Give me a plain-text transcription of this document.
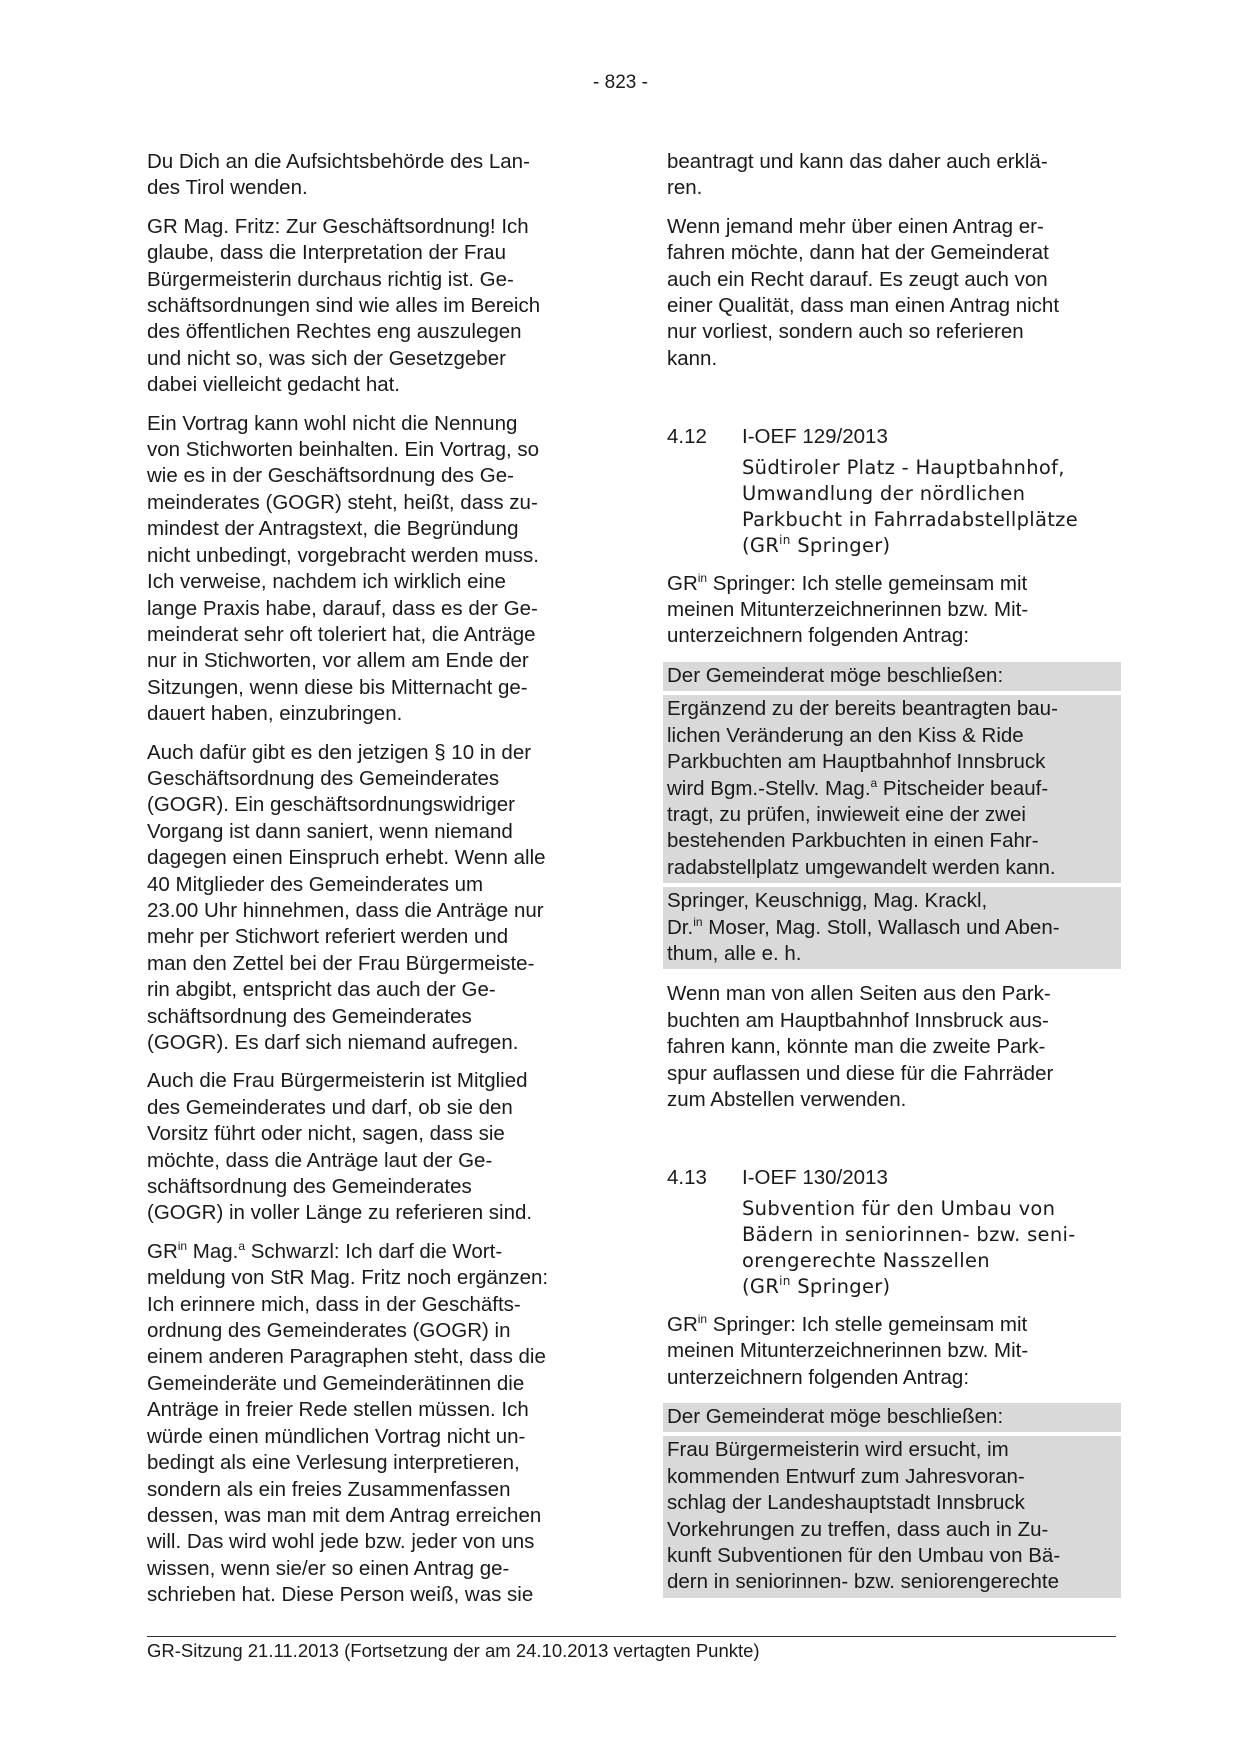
- 823 -

Du Dich an die Aufsichtsbehörde des Lan-
des Tirol wenden.

GR Mag. Fritz: Zur Geschäftsordnung! Ich
glaube, dass die Interpretation der Frau
Bürgermeisterin durchaus richtig ist. Ge-
schäftsordnungen sind wie alles im Bereich
des öffentlichen Rechtes eng auszulegen
und nicht so, was sich der Gesetzgeber
dabei vielleicht gedacht hat.

Ein Vortrag kann wohl nicht die Nennung
von Stichworten beinhalten. Ein Vortrag, so
wie es in der Geschäftsordnung des Ge-
meinderates (GOGR) steht, heißt, dass zu-
mindest der Antragstext, die Begründung
nicht unbedingt, vorgebracht werden muss.
Ich verweise, nachdem ich wirklich eine
lange Praxis habe, darauf, dass es der Ge-
meinderat sehr oft toleriert hat, die Anträge
nur in Stichworten, vor allem am Ende der
Sitzungen, wenn diese bis Mitternacht ge-
dauert haben, einzubringen.

Auch dafür gibt es den jetzigen § 10 in der
Geschäftsordnung des Gemeinderates
(GOGR). Ein geschäftsordnungswidriger
Vorgang ist dann saniert, wenn niemand
dagegen einen Einspruch erhebt. Wenn alle
40 Mitglieder des Gemeinderates um
23.00 Uhr hinnehmen, dass die Anträge nur
mehr per Stichwort referiert werden und
man den Zettel bei der Frau Bürgermeiste-
rin abgibt, entspricht das auch der Ge-
schäftsordnung des Gemeinderates
(GOGR). Es darf sich niemand aufregen.

Auch die Frau Bürgermeisterin ist Mitglied
des Gemeinderates und darf, ob sie den
Vorsitz führt oder nicht, sagen, dass sie
möchte, dass die Anträge laut der Ge-
schäftsordnung des Gemeinderates
(GOGR) in voller Länge zu referieren sind.

$GR^{in}$ Mag.$^a$ Schwarzl: Ich darf die Wort-
meldung von StR Mag. Fritz noch ergänzen:
Ich erinnere mich, dass in der Geschäfts-
ordnung des Gemeinderates (GOGR) in
einem anderen Paragraphen steht, dass die
Gemeinderäte und Gemeinderätinnen die
Anträge in freier Rede stellen müssen. Ich
würde einen mündlichen Vortrag nicht un-
bedingt als eine Verlesung interpretieren,
sondern als ein freies Zusammenfassen
dessen, was man mit dem Antrag erreichen
will. Das wird wohl jede bzw. jeder von uns
wissen, wenn sie/er so einen Antrag ge-
schrieben hat. Diese Person weiß, was sie

beantragt und kann das daher auch erklä-
ren.

Wenn jemand mehr über einen Antrag er-
fahren möchte, dann hat der Gemeinderat
auch ein Recht darauf. Es zeugt auch von
einer Qualität, dass man einen Antrag nicht
nur vorliest, sondern auch so referieren
kann.

4.12	I-OEF 129/2013
Südtiroler Platz - Hauptbahnhof,
Umwandlung der nördlichen
Parkbucht in Fahrradabstellplätze
($GR^{in}$ Springer)

$GR^{in}$ Springer: Ich stelle gemeinsam mit
meinen Mitunterzeichnerinnen bzw. Mit-
unterzeichnern folgenden Antrag:

Der Gemeinderat möge beschließen:

Ergänzend zu der bereits beantragten bau-
lichen Veränderung an den Kiss & Ride
Parkbuchten am Hauptbahnhof Innsbruck
wird Bgm.-Stellv. Mag.$^a$ Pitscheider beauf-
tragt, zu prüfen, inwieweit eine der zwei
bestehenden Parkbuchten in einen Fahr-
radabstellplatz umgewandelt werden kann.

Springer, Keuschnigg, Mag. Krackl,
Dr.$^{in}$ Moser, Mag. Stoll, Wallasch und Aben-
thum, alle e. h.

Wenn man von allen Seiten aus den Park-
buchten am Hauptbahnhof Innsbruck aus-
fahren kann, könnte man die zweite Park-
spur auflassen und diese für die Fahrräder
zum Abstellen verwenden.

4.13	I-OEF 130/2013
Subvention für den Umbau von
Bädern in seniorinnen- bzw. seni-
orengerechte Nasszellen
($GR^{in}$ Springer)

$GR^{in}$ Springer: Ich stelle gemeinsam mit
meinen Mitunterzeichnerinnen bzw. Mit-
unterzeichnern folgenden Antrag:

Der Gemeinderat möge beschließen:

Frau Bürgermeisterin wird ersucht, im
kommenden Entwurf zum Jahresvoran-
schlag der Landeshauptstadt Innsbruck
Vorkehrungen zu treffen, dass auch in Zu-
kunft Subventionen für den Umbau von Bä-
dern in seniorinnen- bzw. seniorengerechte

GR-Sitzung 21.11.2013 (Fortsetzung der am 24.10.2013 vertagten Punkte)
